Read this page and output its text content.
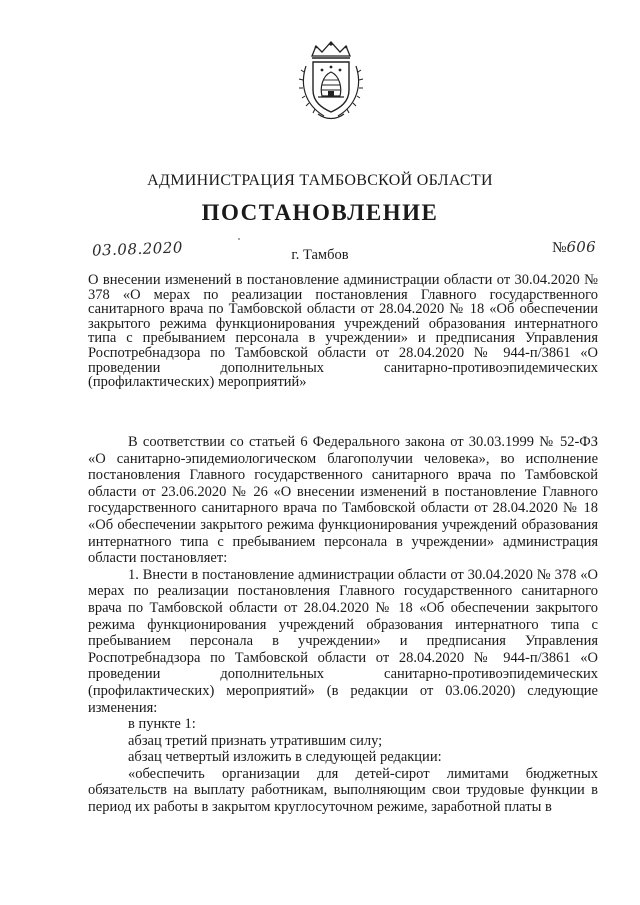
АДМИНИСТРАЦИЯ ТАМБОВСКОЙ ОБЛАСТИ
ПОСТАНОВЛЕНИЕ
03.08.2020	г. Тамбов	№606

О внесении изменений в постановление администрации области от 30.04.2020 № 378 «О мерах по реализации постановления Главного государственного санитарного врача по Тамбовской области от 28.04.2020 № 18 «Об обеспечении закрытого режима функционирования учреждений образования интернатного типа с пребыванием персонала в учреждении» и предписания Управления Роспотребнадзора по Тамбовской области от 28.04.2020 № 944-п/3861 «О проведении дополнительных санитарно-противоэпидемических (профилактических) мероприятий»

В соответствии со статьей 6 Федерального закона от 30.03.1999 № 52-ФЗ «О санитарно-эпидемиологическом благополучии человека», во исполнение постановления Главного государственного санитарного врача по Тамбовской области от 23.06.2020 № 26 «О внесении изменений в постановление Главного государственного санитарного врача по Тамбовской области от 28.04.2020 № 18 «Об обеспечении закрытого режима функционирования учреждений образования интернатного типа с пребыванием персонала в учреждении» администрация области постановляет:

1. Внести в постановление администрации области от 30.04.2020 № 378 «О мерах по реализации постановления Главного государственного санитарного врача по Тамбовской области от 28.04.2020 № 18 «Об обеспечении закрытого режима функционирования учреждений образования интернатного типа с пребыванием персонала в учреждении» и предписания Управления Роспотребнадзора по Тамбовской области от 28.04.2020 № 944-п/3861 «О проведении дополнительных санитарно-противоэпидемических (профилактических) мероприятий» (в редакции от 03.06.2020) следующие изменения:

в пункте 1:

абзац третий признать утратившим силу;

абзац четвертый изложить в следующей редакции:

«обеспечить организации для детей-сирот лимитами бюджетных обязательств на выплату работникам, выполняющим свои трудовые функции в период их работы в закрытом круглосуточном режиме, заработной платы в
